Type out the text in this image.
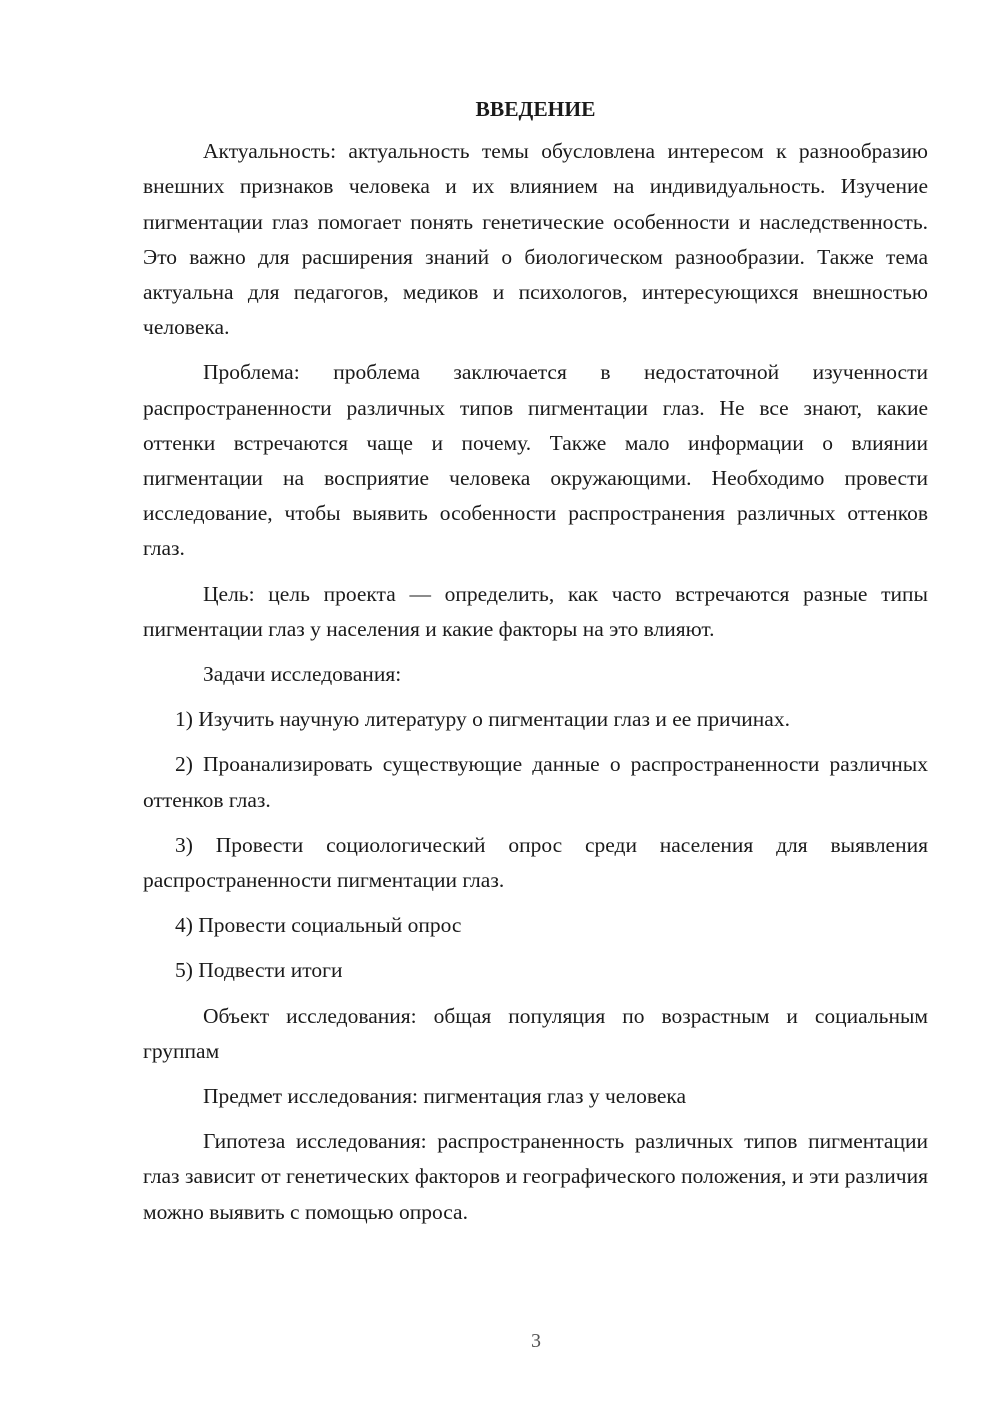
ВВЕДЕНИЕ

Актуальность: актуальность темы обусловлена интересом к разнообразию внешних признаков человека и их влиянием на индивидуальность. Изучение пигментации глаз помогает понять генетические особенности и наследственность. Это важно для расширения знаний о биологическом разнообразии. Также тема актуальна для педагогов, медиков и психологов, интересующихся внешностью человека.

Проблема: проблема заключается в недостаточной изученности распространенности различных типов пигментации глаз. Не все знают, какие оттенки встречаются чаще и почему. Также мало информации о влиянии пигментации на восприятие человека окружающими. Необходимо провести исследование, чтобы выявить особенности распространения различных оттенков глаз.

Цель: цель проекта — определить, как часто встречаются разные типы пигментации глаз у населения и какие факторы на это влияют.

Задачи исследования:

1) Изучить научную литературу о пигментации глаз и ее причинах.

2) Проанализировать существующие данные о распространенности различных оттенков глаз.

3) Провести социологический опрос среди населения для выявления распространенности пигментации глаз.

4) Провести социальный опрос

5) Подвести итоги

Объект исследования: общая популяция по возрастным и социальным группам

Предмет исследования: пигментация глаз у человека

Гипотеза исследования: распространенность различных типов пигментации глаз зависит от генетических факторов и географического положения, и эти различия можно выявить с помощью опроса.

3
